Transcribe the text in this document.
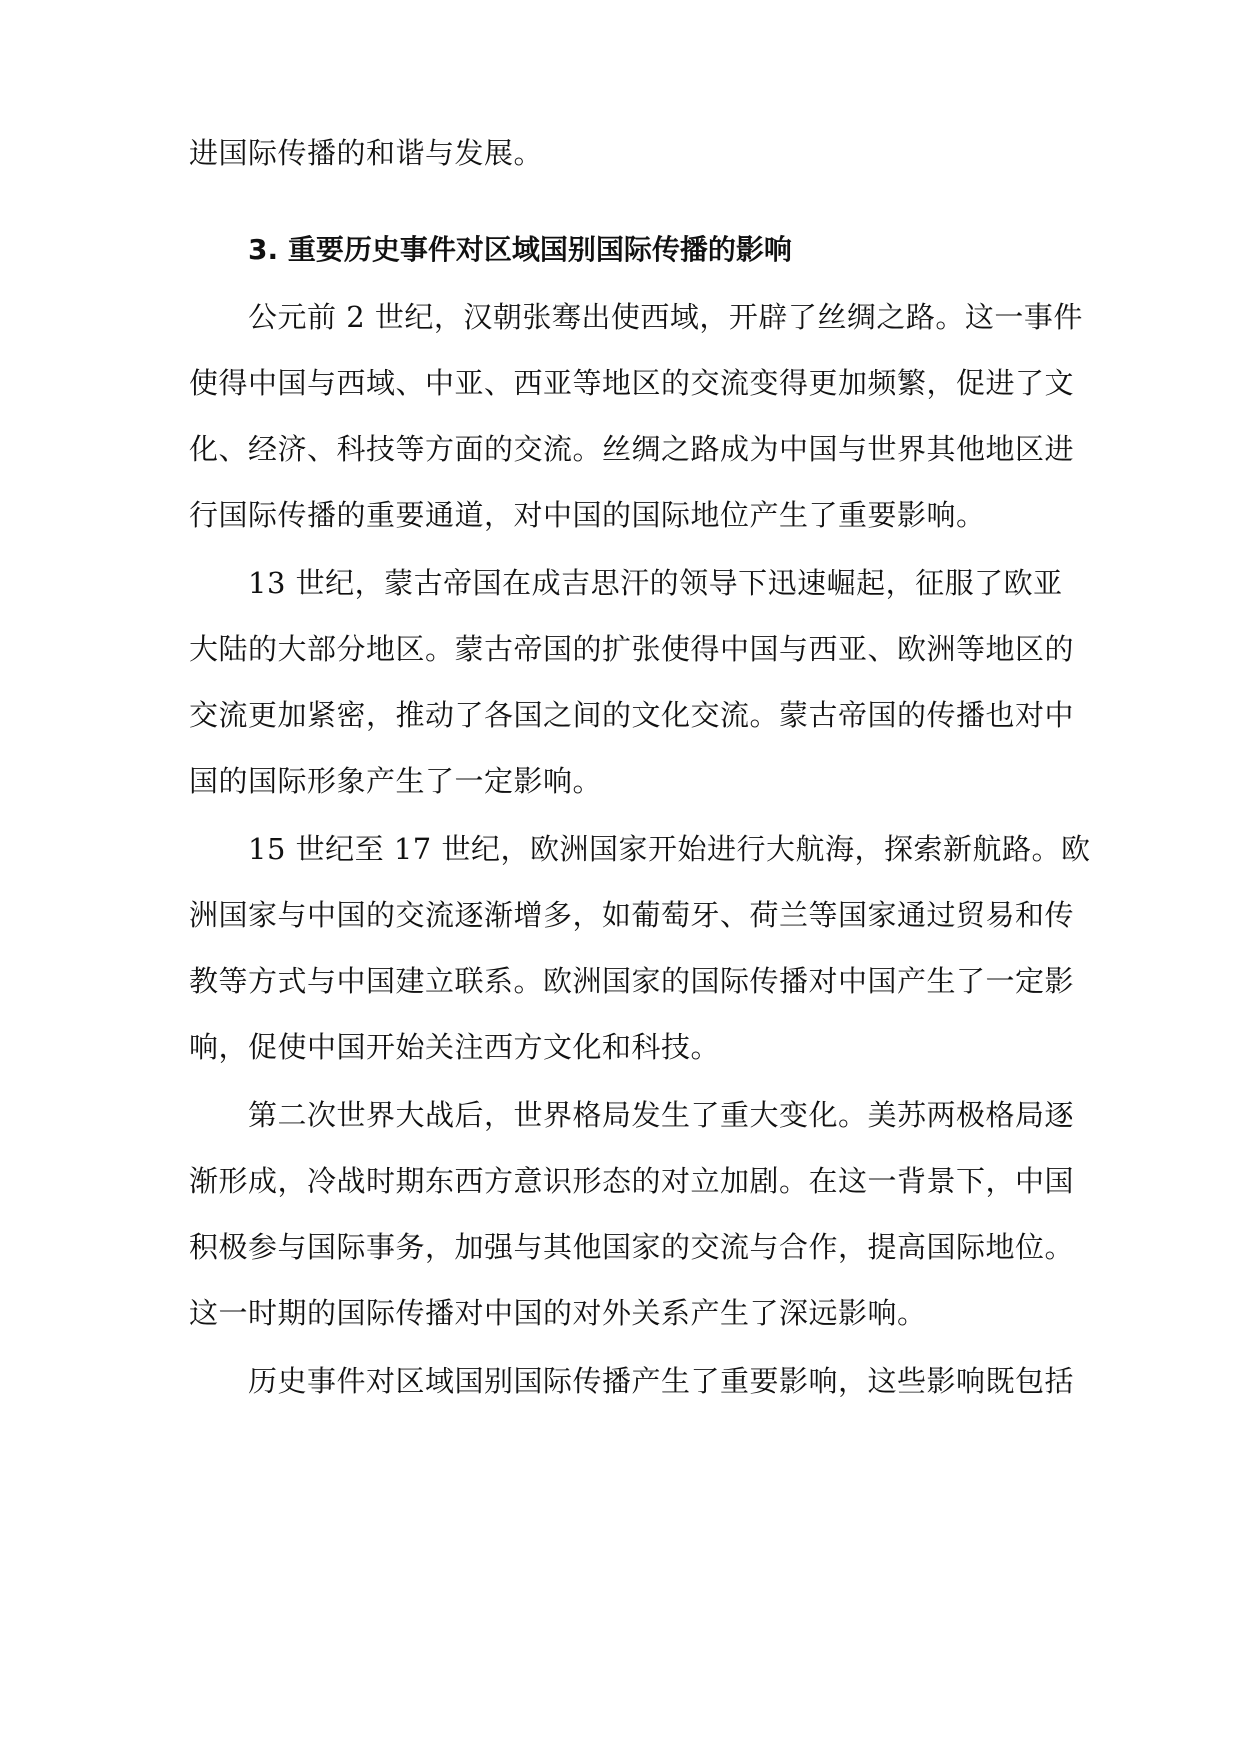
进国际传播的和谐与发展。
3. 重要历史事件对区域国别国际传播的影响
公元前 2 世纪，汉朝张骞出使西域，开辟了丝绸之路。这一事件
使得中国与西域、中亚、西亚等地区的交流变得更加频繁，促进了文
化、经济、科技等方面的交流。丝绸之路成为中国与世界其他地区进
行国际传播的重要通道，对中国的国际地位产生了重要影响。
13 世纪，蒙古帝国在成吉思汗的领导下迅速崛起，征服了欧亚
大陆的大部分地区。蒙古帝国的扩张使得中国与西亚、欧洲等地区的
交流更加紧密，推动了各国之间的文化交流。蒙古帝国的传播也对中
国的国际形象产生了一定影响。
15 世纪至 17 世纪，欧洲国家开始进行大航海，探索新航路。欧
洲国家与中国的交流逐渐增多，如葡萄牙、荷兰等国家通过贸易和传
教等方式与中国建立联系。欧洲国家的国际传播对中国产生了一定影
响，促使中国开始关注西方文化和科技。
第二次世界大战后，世界格局发生了重大变化。美苏两极格局逐
渐形成，冷战时期东西方意识形态的对立加剧。在这一背景下，中国
积极参与国际事务，加强与其他国家的交流与合作，提高国际地位。
这一时期的国际传播对中国的对外关系产生了深远影响。
历史事件对区域国别国际传播产生了重要影响，这些影响既包括
